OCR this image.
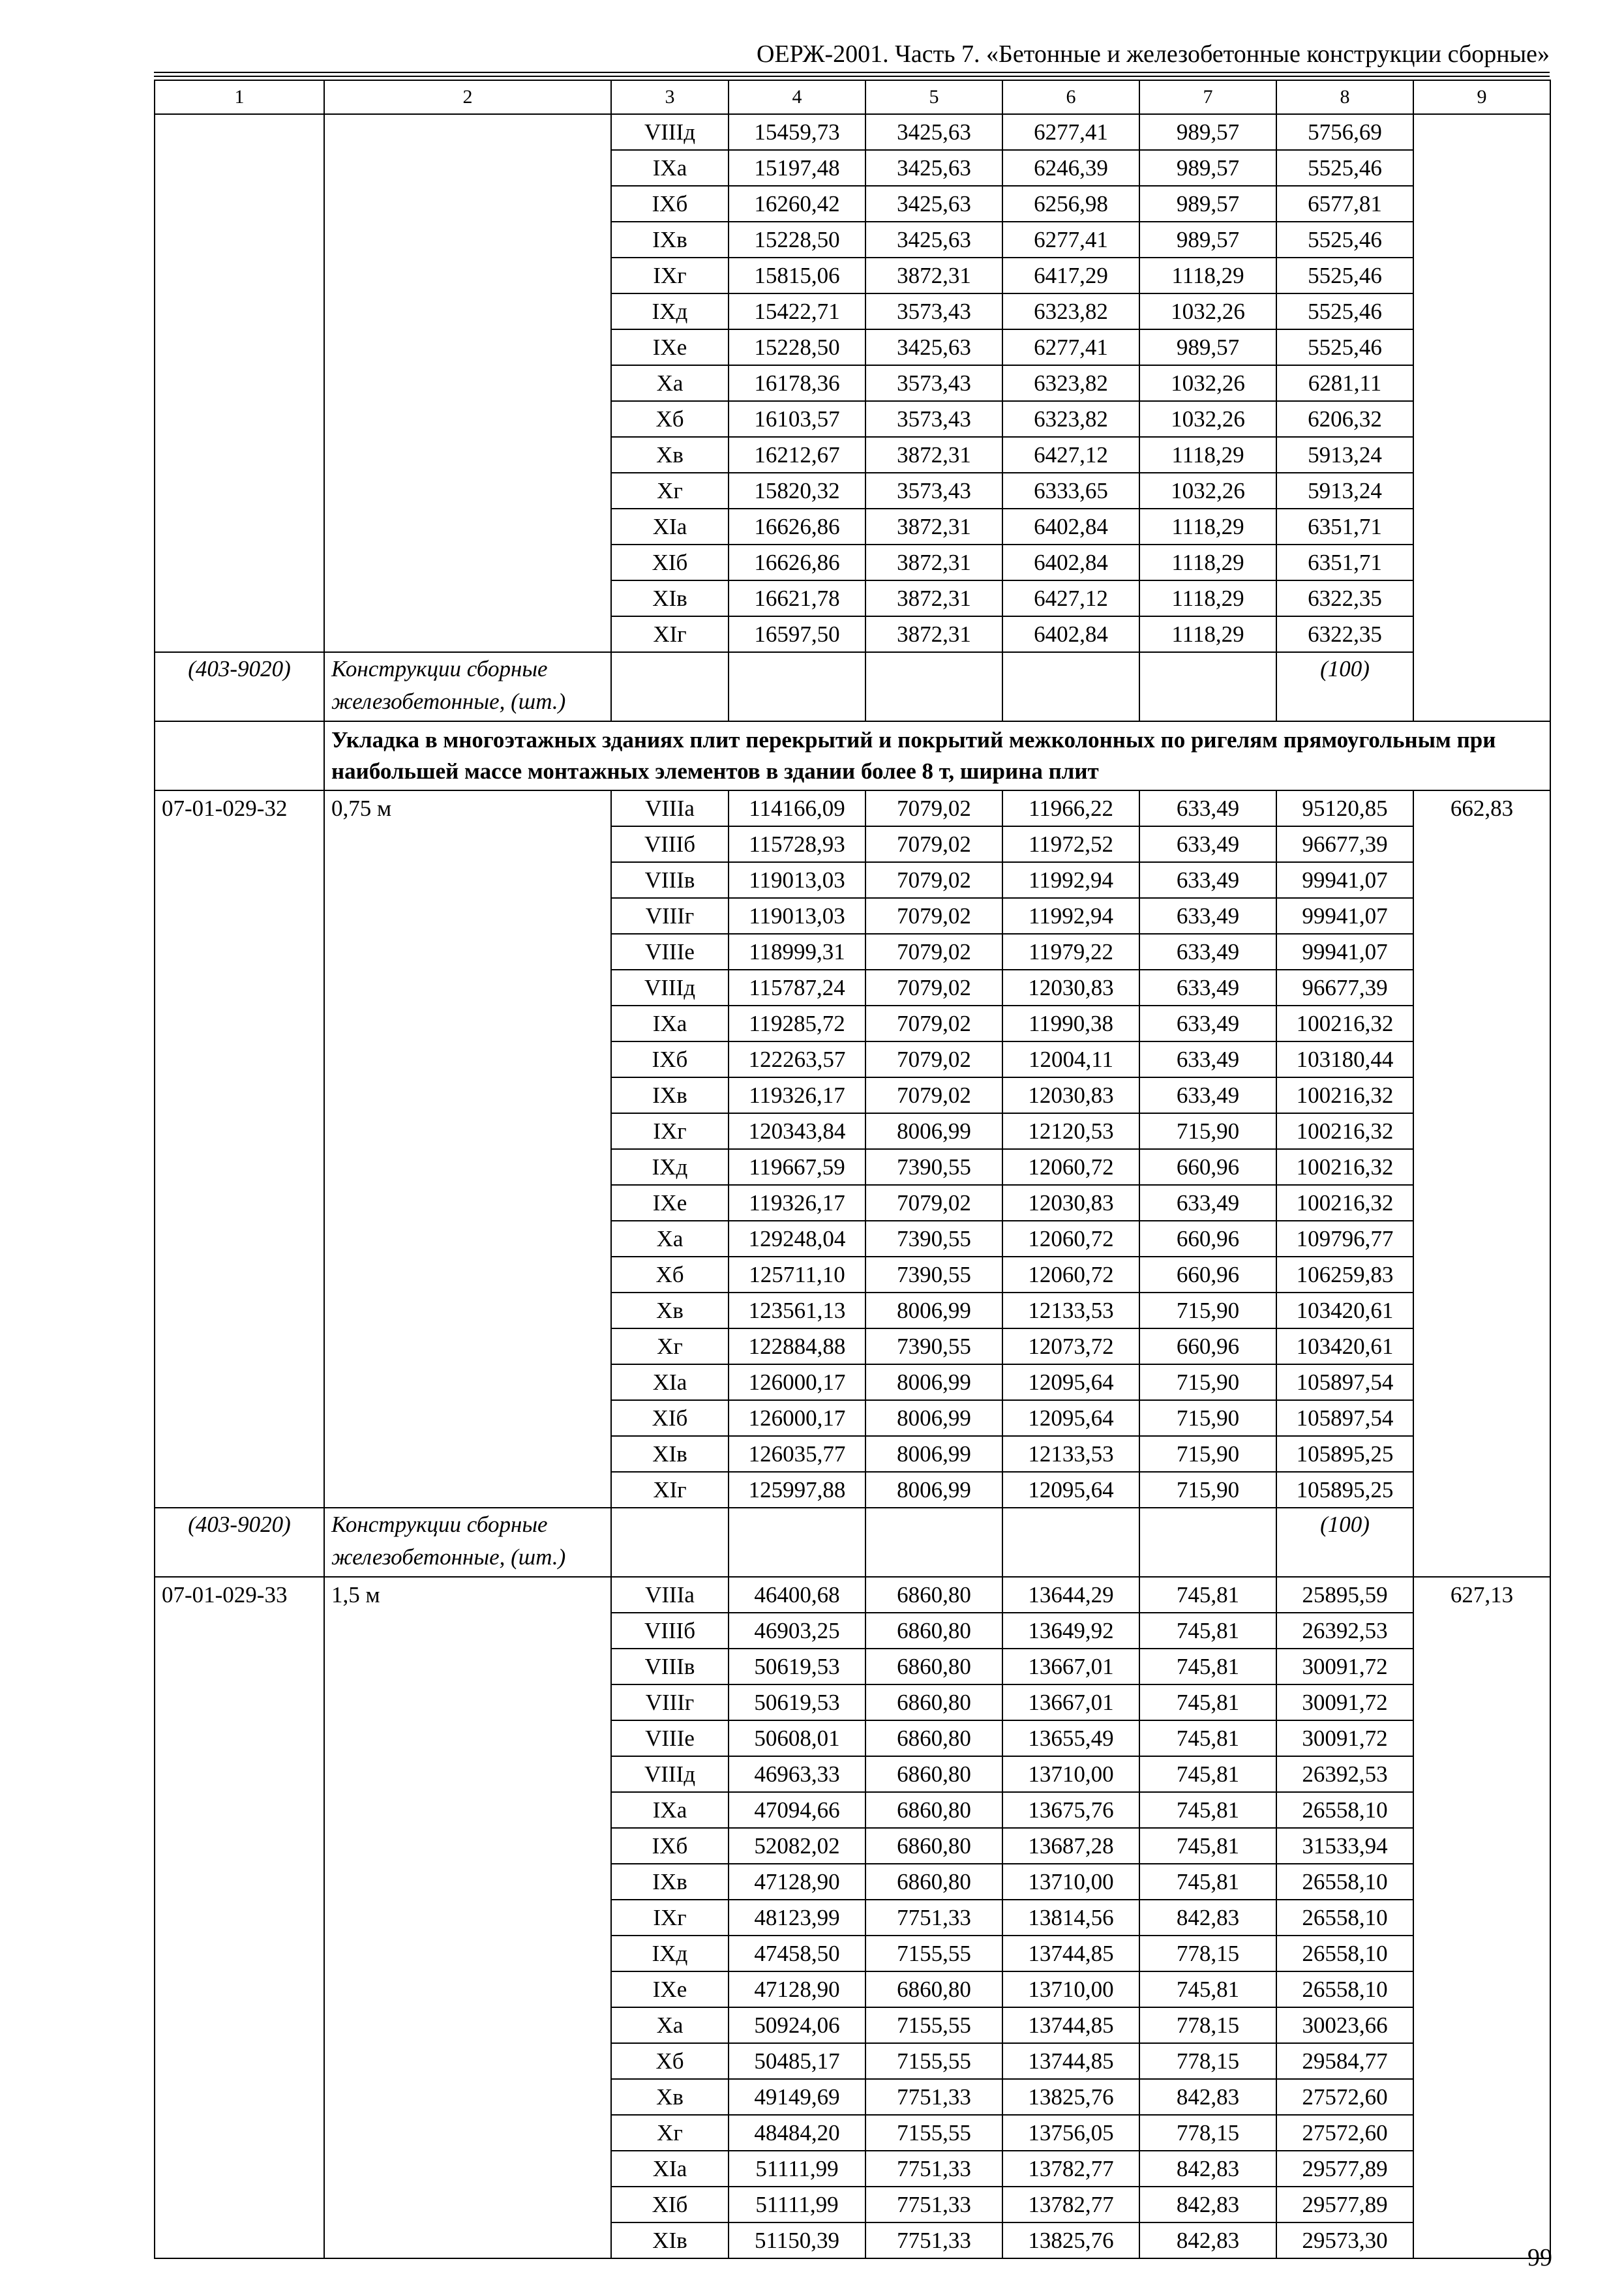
ОЕРЖ-2001. Часть 7. «Бетонные и железобетонные конструкции сборные»
1	2	3	4	5	6	7	8	9
		VIIIд	15459,73	3425,63	6277,41	989,57	5756,69	
		IXa	15197,48	3425,63	6246,39	989,57	5525,46	
		IXб	16260,42	3425,63	6256,98	989,57	6577,81	
		IXв	15228,50	3425,63	6277,41	989,57	5525,46	
		IXг	15815,06	3872,31	6417,29	1118,29	5525,46	
		IXд	15422,71	3573,43	6323,82	1032,26	5525,46	
		IXe	15228,50	3425,63	6277,41	989,57	5525,46	
		Xa	16178,36	3573,43	6323,82	1032,26	6281,11	
		Xб	16103,57	3573,43	6323,82	1032,26	6206,32	
		Xв	16212,67	3872,31	6427,12	1118,29	5913,24	
		Xг	15820,32	3573,43	6333,65	1032,26	5913,24	
		XIa	16626,86	3872,31	6402,84	1118,29	6351,71	
		XIб	16626,86	3872,31	6402,84	1118,29	6351,71	
		XIв	16621,78	3872,31	6427,12	1118,29	6322,35	
		XIг	16597,50	3872,31	6402,84	1118,29	6322,35	
(403-9020)	Конструкции сборные железобетонные, (шт.)						(100)	
	Укладка в многоэтажных зданиях плит перекрытий и покрытий межколонных по ригелям прямоугольным при наибольшей массе монтажных элементов в здании более 8 т, ширина плит							
07-01-029-32	0,75 м	VIIIa	114166,09	7079,02	11966,22	633,49	95120,85	662,83
		VIIIб	115728,93	7079,02	11972,52	633,49	96677,39	
		VIIIв	119013,03	7079,02	11992,94	633,49	99941,07	
		VIIIг	119013,03	7079,02	11992,94	633,49	99941,07	
		VIIIe	118999,31	7079,02	11979,22	633,49	99941,07	
		VIIIд	115787,24	7079,02	12030,83	633,49	96677,39	
		IXa	119285,72	7079,02	11990,38	633,49	100216,32	
		IXб	122263,57	7079,02	12004,11	633,49	103180,44	
		IXв	119326,17	7079,02	12030,83	633,49	100216,32	
		IXг	120343,84	8006,99	12120,53	715,90	100216,32	
		IXд	119667,59	7390,55	12060,72	660,96	100216,32	
		IXe	119326,17	7079,02	12030,83	633,49	100216,32	
		Xa	129248,04	7390,55	12060,72	660,96	109796,77	
		Xб	125711,10	7390,55	12060,72	660,96	106259,83	
		Xв	123561,13	8006,99	12133,53	715,90	103420,61	
		Xг	122884,88	7390,55	12073,72	660,96	103420,61	
		XIa	126000,17	8006,99	12095,64	715,90	105897,54	
		XIб	126000,17	8006,99	12095,64	715,90	105897,54	
		XIв	126035,77	8006,99	12133,53	715,90	105895,25	
		XIг	125997,88	8006,99	12095,64	715,90	105895,25	
(403-9020)	Конструкции сборные железобетонные, (шт.)						(100)	
07-01-029-33	1,5 м	VIIIa	46400,68	6860,80	13644,29	745,81	25895,59	627,13
		VIIIб	46903,25	6860,80	13649,92	745,81	26392,53	
		VIIIв	50619,53	6860,80	13667,01	745,81	30091,72	
		VIIIг	50619,53	6860,80	13667,01	745,81	30091,72	
		VIIIe	50608,01	6860,80	13655,49	745,81	30091,72	
		VIIIд	46963,33	6860,80	13710,00	745,81	26392,53	
		IXa	47094,66	6860,80	13675,76	745,81	26558,10	
		IXб	52082,02	6860,80	13687,28	745,81	31533,94	
		IXв	47128,90	6860,80	13710,00	745,81	26558,10	
		IXг	48123,99	7751,33	13814,56	842,83	26558,10	
		IXд	47458,50	7155,55	13744,85	778,15	26558,10	
		IXe	47128,90	6860,80	13710,00	745,81	26558,10	
		Xa	50924,06	7155,55	13744,85	778,15	30023,66	
		Xб	50485,17	7155,55	13744,85	778,15	29584,77	
		Xв	49149,69	7751,33	13825,76	842,83	27572,60	
		Xг	48484,20	7155,55	13756,05	778,15	27572,60	
		XIa	51111,99	7751,33	13782,77	842,83	29577,89	
		XIб	51111,99	7751,33	13782,77	842,83	29577,89	
		XIв	51150,39	7751,33	13825,76	842,83	29573,30	
99
